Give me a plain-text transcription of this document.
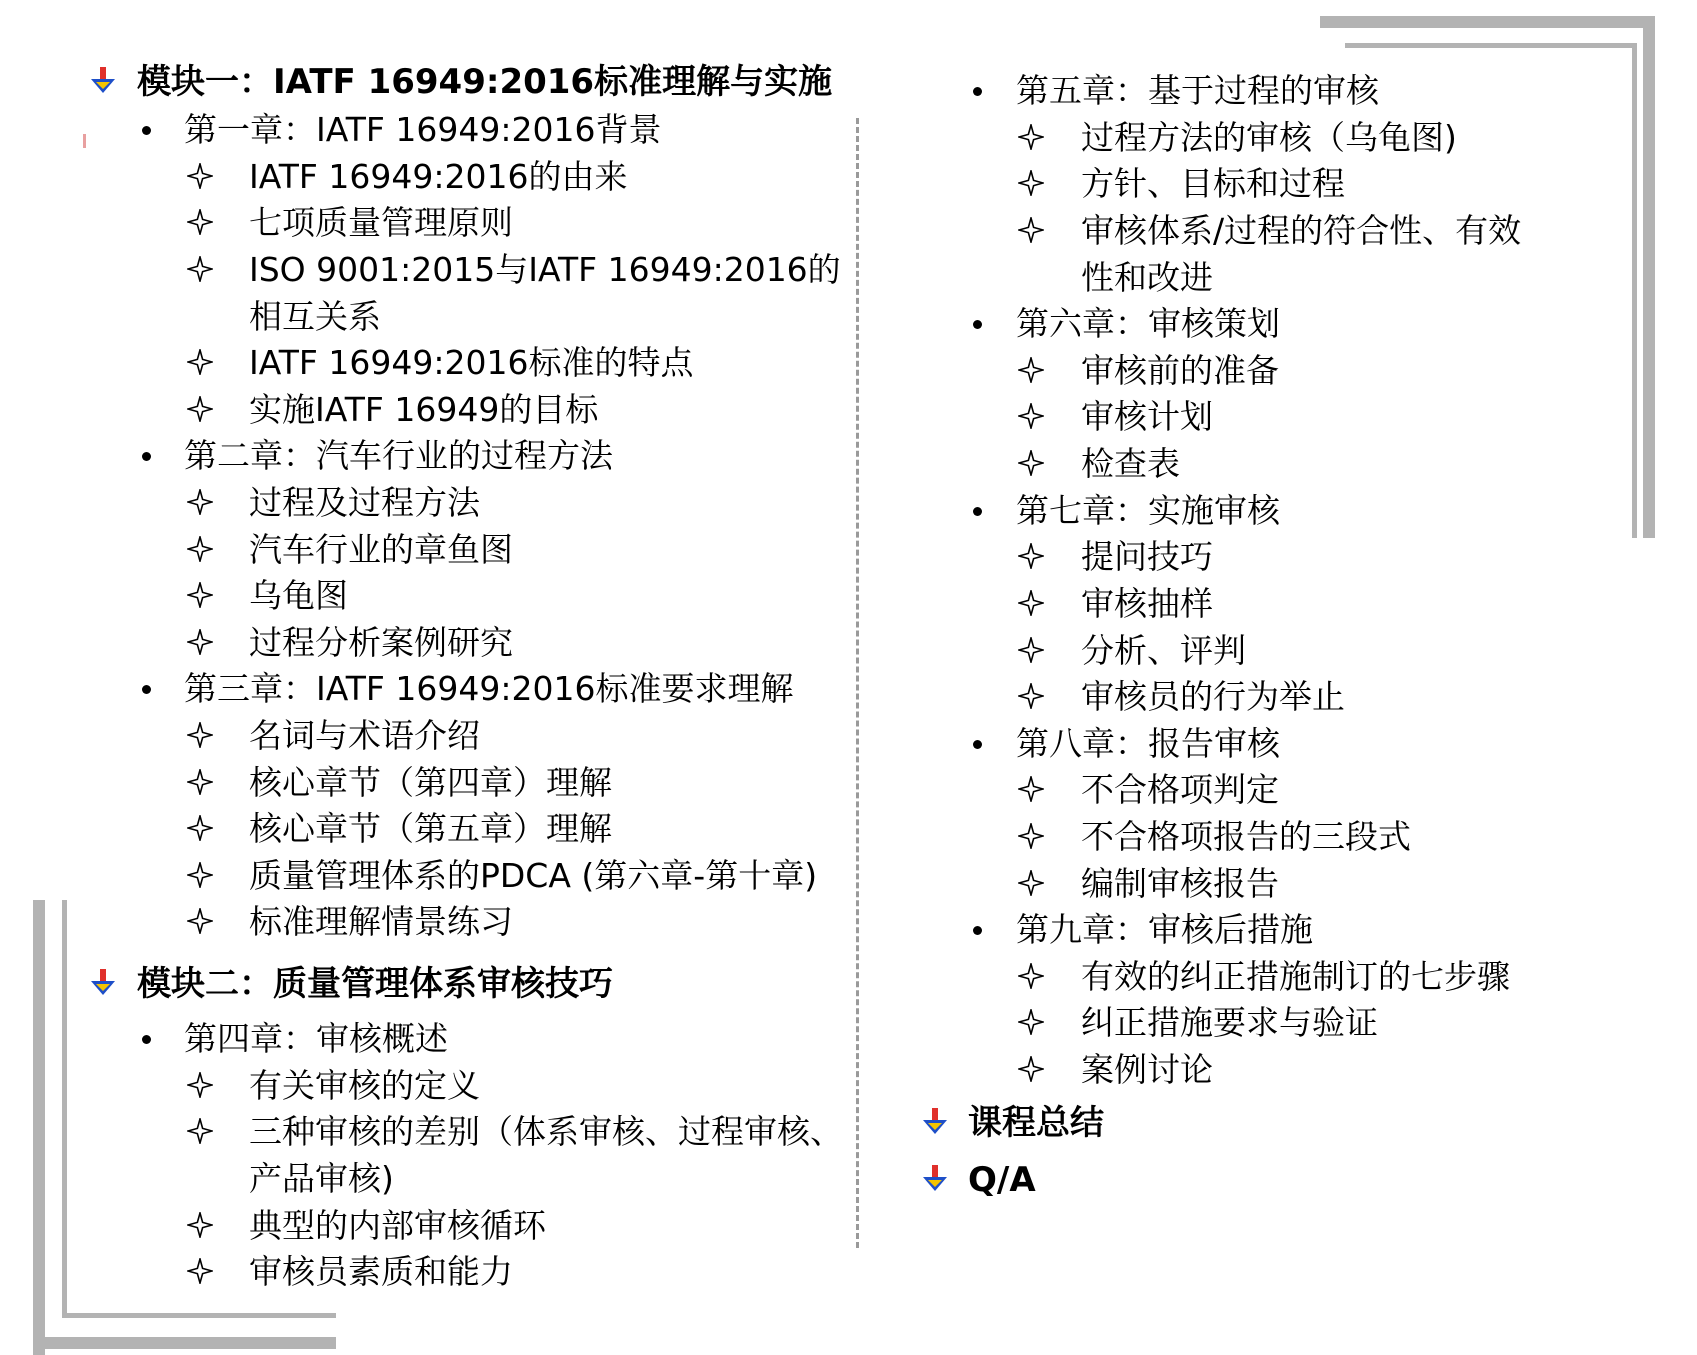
模块一：IATF 16949:2016标准理解与实施
第一章：IATF 16949:2016背景
IATF 16949:2016的由来
七项质量管理原则
ISO 9001:2015与IATF 16949:2016的
相互关系
IATF 16949:2016标准的特点
实施IATF 16949的目标
第二章：汽车行业的过程方法
过程及过程方法
汽车行业的章鱼图
乌龟图
过程分析案例研究
第三章：IATF 16949:2016标准要求理解
名词与术语介绍
核心章节（第四章）理解
核心章节（第五章）理解
质量管理体系的PDCA (第六章-第十章)
标准理解情景练习
模块二：质量管理体系审核技巧
第四章：审核概述
有关审核的定义
三种审核的差别（体系审核、过程审核、
产品审核)
典型的内部审核循环
审核员素质和能力
第五章：基于过程的审核
过程方法的审核（乌龟图)
方针、目标和过程
审核体系/过程的符合性、有效
性和改进
第六章：审核策划
审核前的准备
审核计划
检查表
第七章：实施审核
提问技巧
审核抽样
分析、评判
审核员的行为举止
第八章：报告审核
不合格项判定
不合格项报告的三段式
编制审核报告
第九章：审核后措施
有效的纠正措施制订的七步骤
纠正措施要求与验证
案例讨论
课程总结
Q/A
